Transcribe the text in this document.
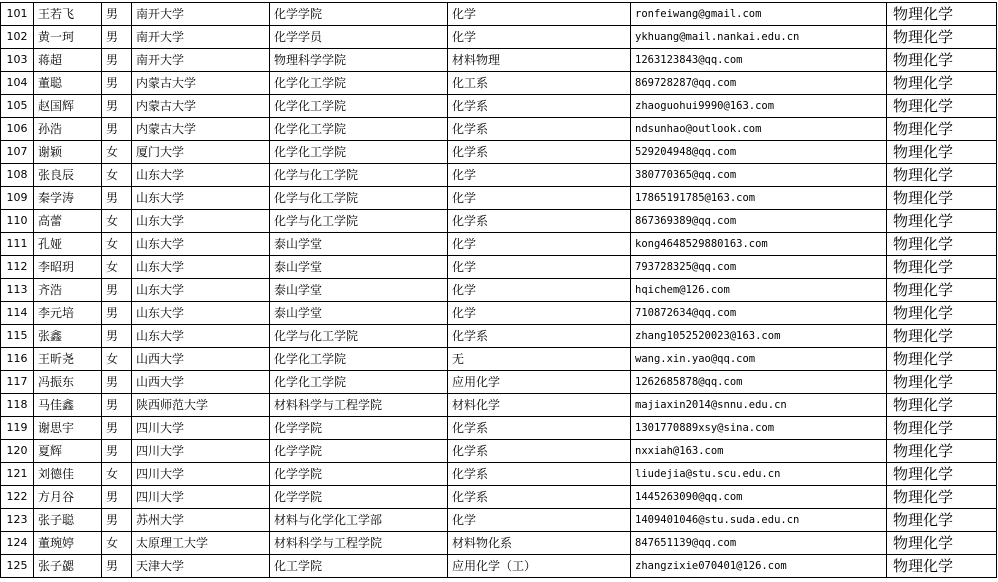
101	王若飞	男	南开大学	化学学院	化学	ronfeiwang@gmail.com	物理化学
102	黄一珂	男	南开大学	化学学员	化学	ykhuang@mail.nankai.edu.cn	物理化学
103	蒋超	男	南开大学	物理科学学院	材料物理	1263123843@qq.com	物理化学
104	董聪	男	内蒙古大学	化学化工学院	化工系	869728287@qq.com	物理化学
105	赵国辉	男	内蒙古大学	化学化工学院	化学系	zhaoguohui9990@163.com	物理化学
106	孙浩	男	内蒙古大学	化学化工学院	化学系	ndsunhao@outlook.com	物理化学
107	谢颖	女	厦门大学	化学化工学院	化学系	529204948@qq.com	物理化学
108	张良辰	女	山东大学	化学与化工学院	化学	380770365@qq.com	物理化学
109	秦学涛	男	山东大学	化学与化工学院	化学	17865191785@163.com	物理化学
110	高蕾	女	山东大学	化学与化工学院	化学系	867369389@qq.com	物理化学
111	孔娅	女	山东大学	泰山学堂	化学	kong4648529880163.com	物理化学
112	李昭玥	女	山东大学	泰山学堂	化学	793728325@qq.com	物理化学
113	齐浩	男	山东大学	泰山学堂	化学	hqichem@126.com	物理化学
114	李元培	男	山东大学	泰山学堂	化学	710872634@qq.com	物理化学
115	张鑫	男	山东大学	化学与化工学院	化学系	zhang1052520023@163.com	物理化学
116	王昕尧	女	山西大学	化学化工学院	无	wang.xin.yao@qq.com	物理化学
117	冯振东	男	山西大学	化学化工学院	应用化学	1262685878@qq.com	物理化学
118	马佳鑫	男	陕西师范大学	材料科学与工程学院	材料化学	majiaxin2014@snnu.edu.cn	物理化学
119	谢思宇	男	四川大学	化学学院	化学系	1301770889xsy@sina.com	物理化学
120	夏辉	男	四川大学	化学学院	化学系	nxxiah@163.com	物理化学
121	刘德佳	女	四川大学	化学学院	化学系	liudejia@stu.scu.edu.cn	物理化学
122	方月谷	男	四川大学	化学学院	化学系	1445263090@qq.com	物理化学
123	张子聪	男	苏州大学	材料与化学化工学部	化学	1409401046@stu.suda.edu.cn	物理化学
124	董琬婷	女	太原理工大学	材料科学与工程学院	材料物化系	847651139@qq.com	物理化学
125	张子勰	男	天津大学	化工学院	应用化学（工）	zhangzixie070401@126.com	物理化学
